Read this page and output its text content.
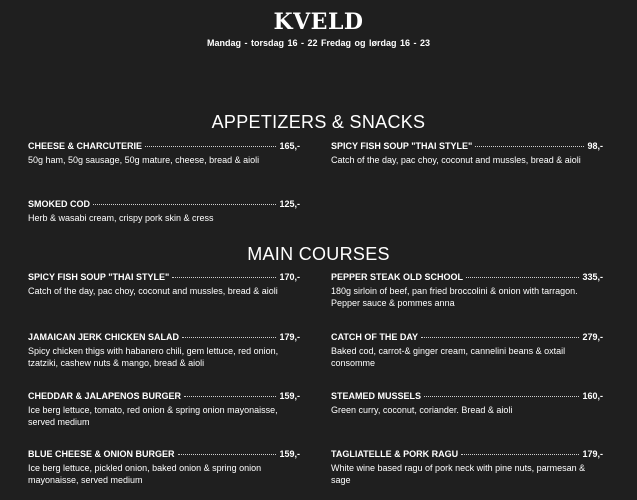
KVELD
Mandag - torsdag 16 - 22 Fredag og lørdag 16 - 23
APPETIZERS & SNACKS
CHEESE & CHARCUTERIE	165,-
50g ham, 50g sausage, 50g mature, cheese, bread & aioli
SPICY FISH SOUP "THAI STYLE"	98,-
Catch of the day, pac choy, coconut and mussles, bread & aioli
SMOKED COD	125,-
Herb & wasabi cream, crispy pork skin & cress
MAIN COURSES
SPICY FISH SOUP "THAI STYLE"	170,-
Catch of the day, pac choy, coconut and mussles, bread & aioli
PEPPER STEAK OLD SCHOOL	335,-
180g sirloin of beef, pan fried broccolini & onion with tarragon. Pepper sauce & pommes anna
JAMAICAN JERK CHICKEN SALAD	179,-
Spicy chicken thigs with habanero chili, gem lettuce, red onion, tzatziki, cashew nuts & mango, bread & aioli
CATCH OF THE DAY	279,-
Baked cod, carrot-& ginger cream, cannelini beans & oxtail consomme
CHEDDAR & JALAPENOS BURGER	159,-
Ice berg lettuce, tomato, red onion & spring onion mayonaisse, served medium
STEAMED MUSSELS	160,-
Green curry, coconut, coriander. Bread & aioli
BLUE CHEESE & ONION BURGER	159,-
Ice berg lettuce, pickled onion, baked onion & spring onion mayonaisse, served medium
TAGLIATELLE & PORK RAGU	179,-
White wine based ragu of pork neck with pine nuts, parmesan & sage
